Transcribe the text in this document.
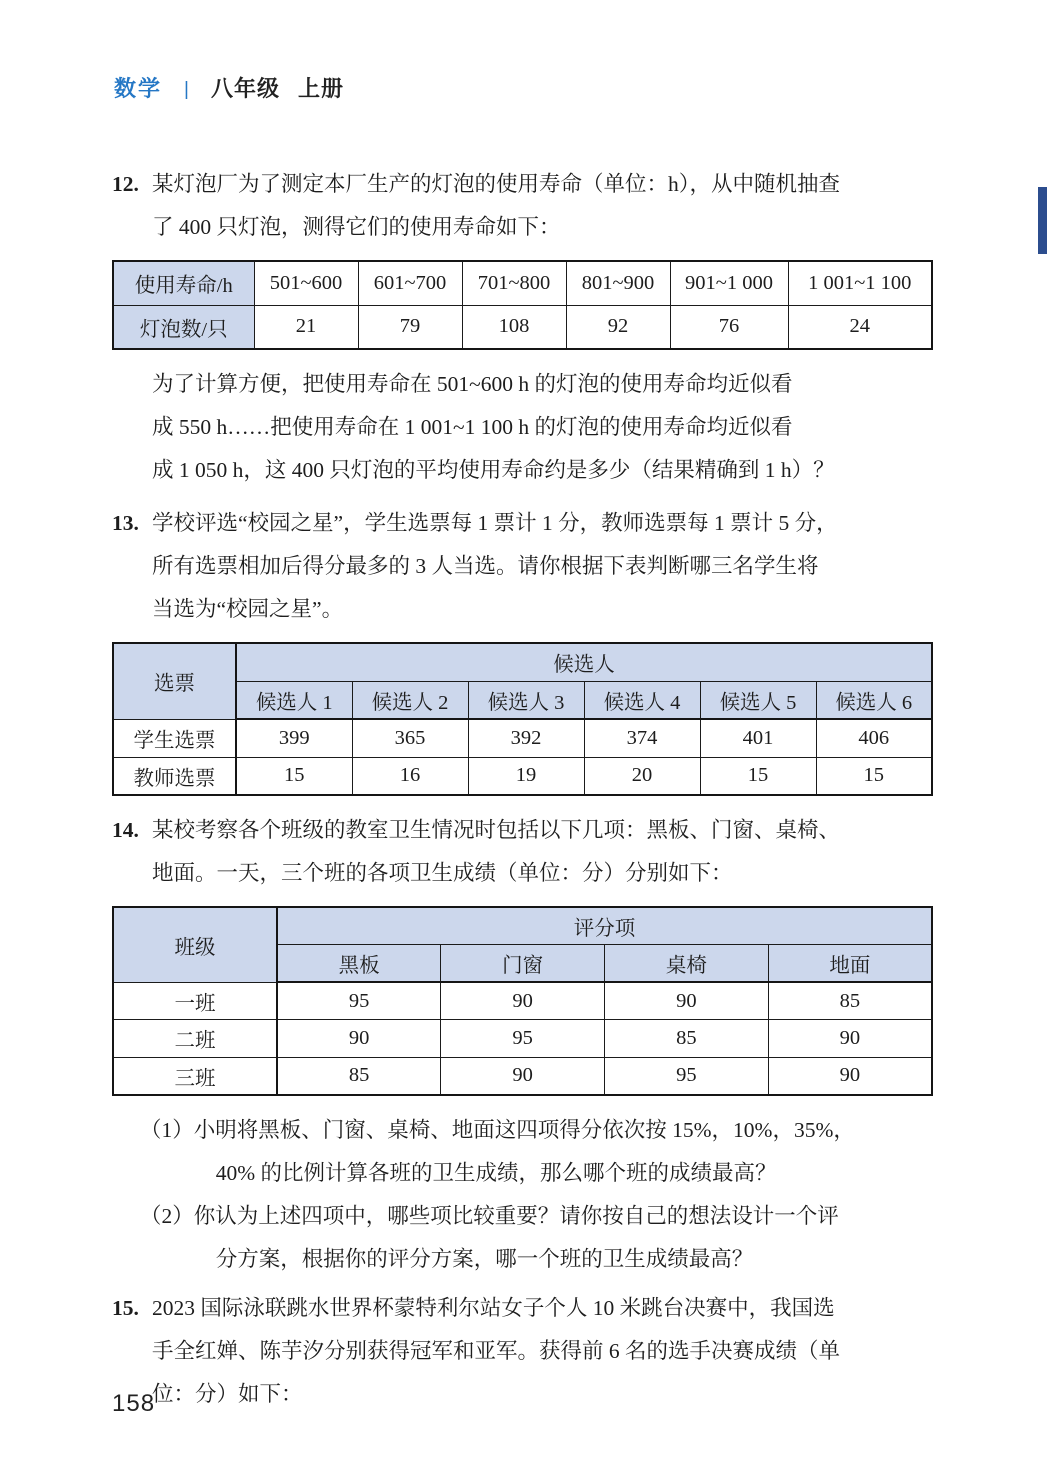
数学 | 八年级 上册
12. 某灯泡厂为了测定本厂生产的灯泡的使用寿命（单位：h），从中随机抽查
了 400 只灯泡，测得它们的使用寿命如下：
使用寿命/h	501~600	601~700	701~800	801~900	901~1 000	1 001~1 100
灯泡数/只	21	79	108	92	76	24
为了计算方便，把使用寿命在 501~600 h 的灯泡的使用寿命均近似看
成 550 h……把使用寿命在 1 001~1 100 h 的灯泡的使用寿命均近似看
成 1 050 h，这 400 只灯泡的平均使用寿命约是多少（结果精确到 1 h）？
13. 学校评选“校园之星”，学生选票每 1 票计 1 分，教师选票每 1 票计 5 分，
所有选票相加后得分最多的 3 人当选。请你根据下表判断哪三名学生将
当选为“校园之星”。
选票	候选人					
	候选人 1	候选人 2	候选人 3	候选人 4	候选人 5	候选人 6
学生选票	399	365	392	374	401	406
教师选票	15	16	19	20	15	15
14. 某校考察各个班级的教室卫生情况时包括以下几项：黑板、门窗、桌椅、
地面。一天，三个班的各项卫生成绩（单位：分）分别如下：
班级	评分项			
	黑板	门窗	桌椅	地面
一班	95	90	90	85
二班	90	95	85	90
三班	85	90	95	90
（1） 小明将黑板、门窗、桌椅、地面这四项得分依次按 15%，10%，35%，
40% 的比例计算各班的卫生成绩，那么哪个班的成绩最高？
（2） 你认为上述四项中，哪些项比较重要？请你按自己的想法设计一个评
分方案，根据你的评分方案，哪一个班的卫生成绩最高？
15. 2023 国际泳联跳水世界杯蒙特利尔站女子个人 10 米跳台决赛中，我国选
手全红婵、陈芋汐分别获得冠军和亚军。获得前 6 名的选手决赛成绩（单
位：分）如下：
158
